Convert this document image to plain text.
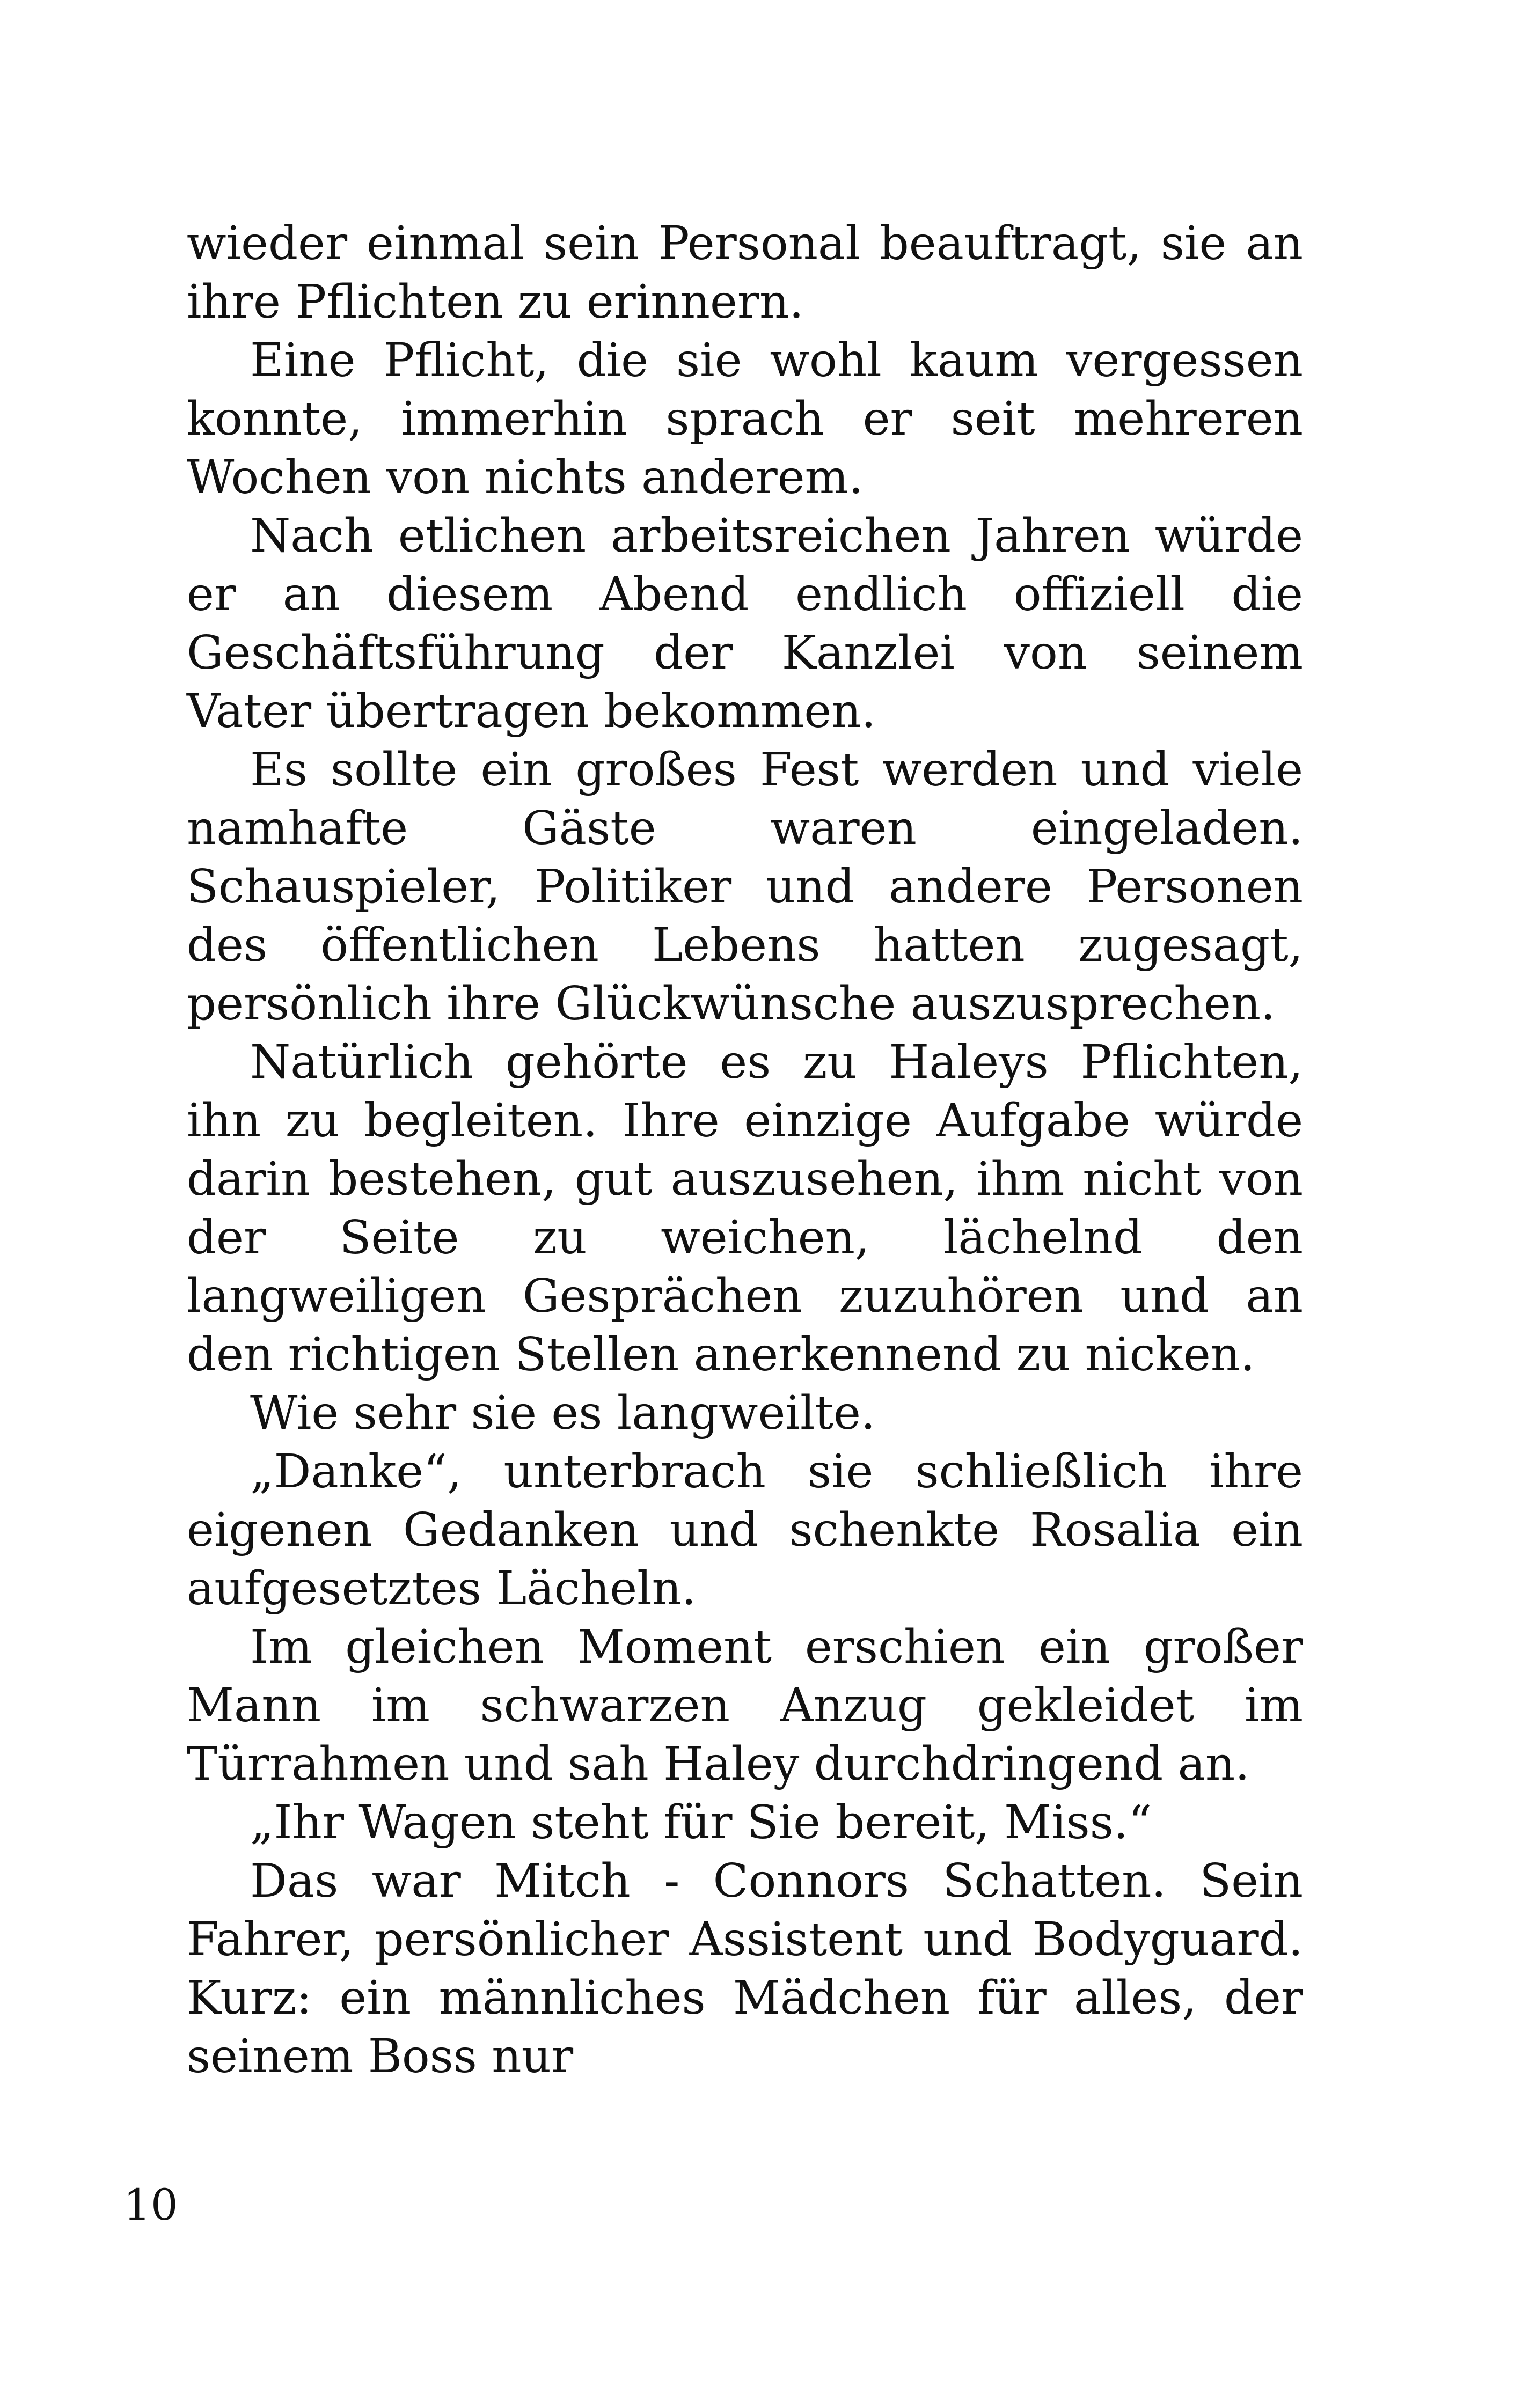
wieder einmal sein Personal beauftragt, sie an ihre Pflichten zu erinnern.

Eine Pflicht, die sie wohl kaum vergessen konnte, immerhin sprach er seit mehreren Wochen von nichts anderem.

Nach etlichen arbeitsreichen Jahren würde er an diesem Abend endlich offiziell die Geschäftsführung der Kanzlei von seinem Vater übertragen bekommen.

Es sollte ein großes Fest werden und viele namhafte Gäste waren eingeladen. Schauspieler, Politiker und andere Personen des öffentlichen Lebens hatten zugesagt, persönlich ihre Glückwünsche auszusprechen.

Natürlich gehörte es zu Haleys Pflichten, ihn zu begleiten. Ihre einzige Aufgabe würde darin bestehen, gut auszusehen, ihm nicht von der Seite zu weichen, lächelnd den langweiligen Gesprächen zuzuhören und an den richtigen Stellen anerkennend zu nicken.

Wie sehr sie es langweilte.

„Danke“, unterbrach sie schließlich ihre eigenen Gedanken und schenkte Rosalia ein aufgesetztes Lächeln.

Im gleichen Moment erschien ein großer Mann im schwarzen Anzug gekleidet im Türrahmen und sah Haley durchdringend an.

„Ihr Wagen steht für Sie bereit, Miss.“

Das war Mitch - Connors Schatten. Sein Fahrer, persönlicher Assistent und Bodyguard. Kurz: ein männliches Mädchen für alles, der seinem Boss nur

10
